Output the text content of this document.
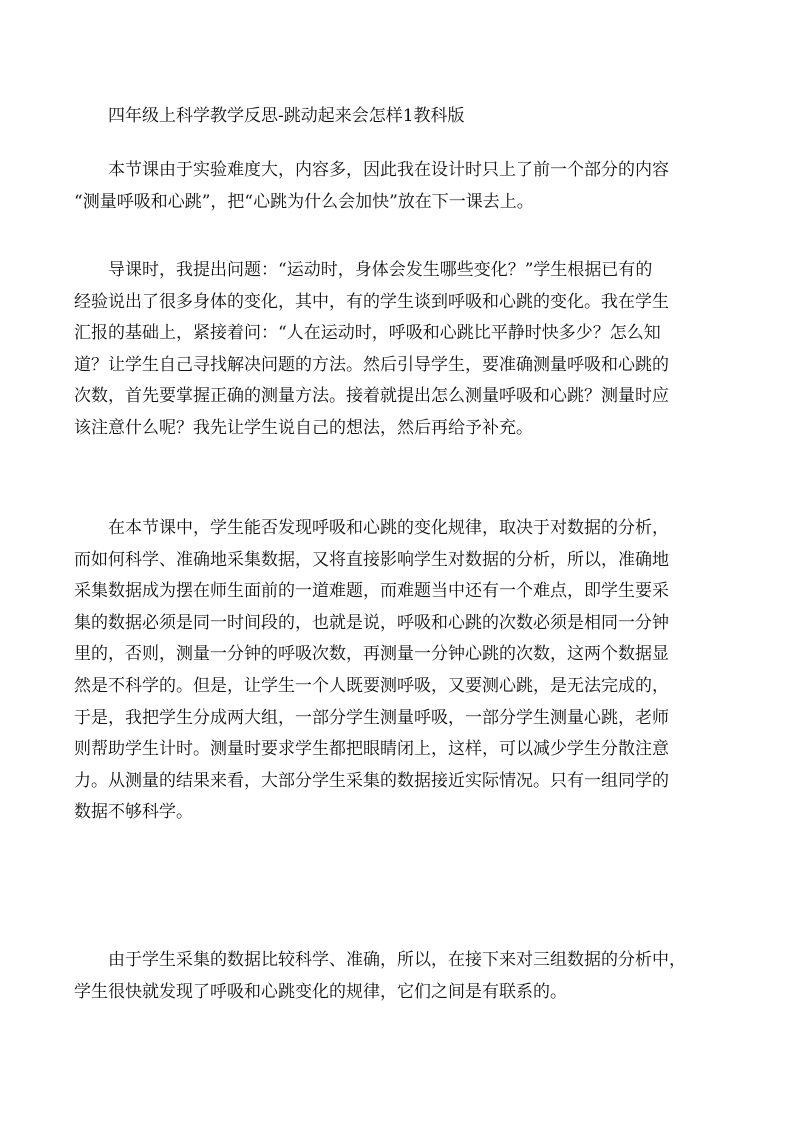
四年级上科学教学反思-跳动起来会怎样1教科版
本节课由于实验难度大，内容多，因此我在设计时只上了前一个部分的内容
“测量呼吸和心跳”，把“心跳为什么会加快”放在下一课去上。
导课时，我提出问题：“运动时，身体会发生哪些变化？”学生根据已有的
经验说出了很多身体的变化，其中，有的学生谈到呼吸和心跳的变化。我在学生
汇报的基础上，紧接着问：“人在运动时，呼吸和心跳比平静时快多少？怎么知
道？让学生自己寻找解决问题的方法。然后引导学生，要准确测量呼吸和心跳的
次数，首先要掌握正确的测量方法。接着就提出怎么测量呼吸和心跳？测量时应
该注意什么呢？我先让学生说自己的想法，然后再给予补充。
在本节课中，学生能否发现呼吸和心跳的变化规律，取决于对数据的分析，
而如何科学、准确地采集数据，又将直接影响学生对数据的分析，所以，准确地
采集数据成为摆在师生面前的一道难题，而难题当中还有一个难点，即学生要采
集的数据必须是同一时间段的，也就是说，呼吸和心跳的次数必须是相同一分钟
里的，否则，测量一分钟的呼吸次数，再测量一分钟心跳的次数，这两个数据显
然是不科学的。但是，让学生一个人既要测呼吸，又要测心跳，是无法完成的，
于是，我把学生分成两大组，一部分学生测量呼吸，一部分学生测量心跳，老师
则帮助学生计时。测量时要求学生都把眼睛闭上，这样，可以减少学生分散注意
力。从测量的结果来看，大部分学生采集的数据接近实际情况。只有一组同学的
数据不够科学。
由于学生采集的数据比较科学、准确，所以，在接下来对三组数据的分析中，
学生很快就发现了呼吸和心跳变化的规律，它们之间是有联系的。
